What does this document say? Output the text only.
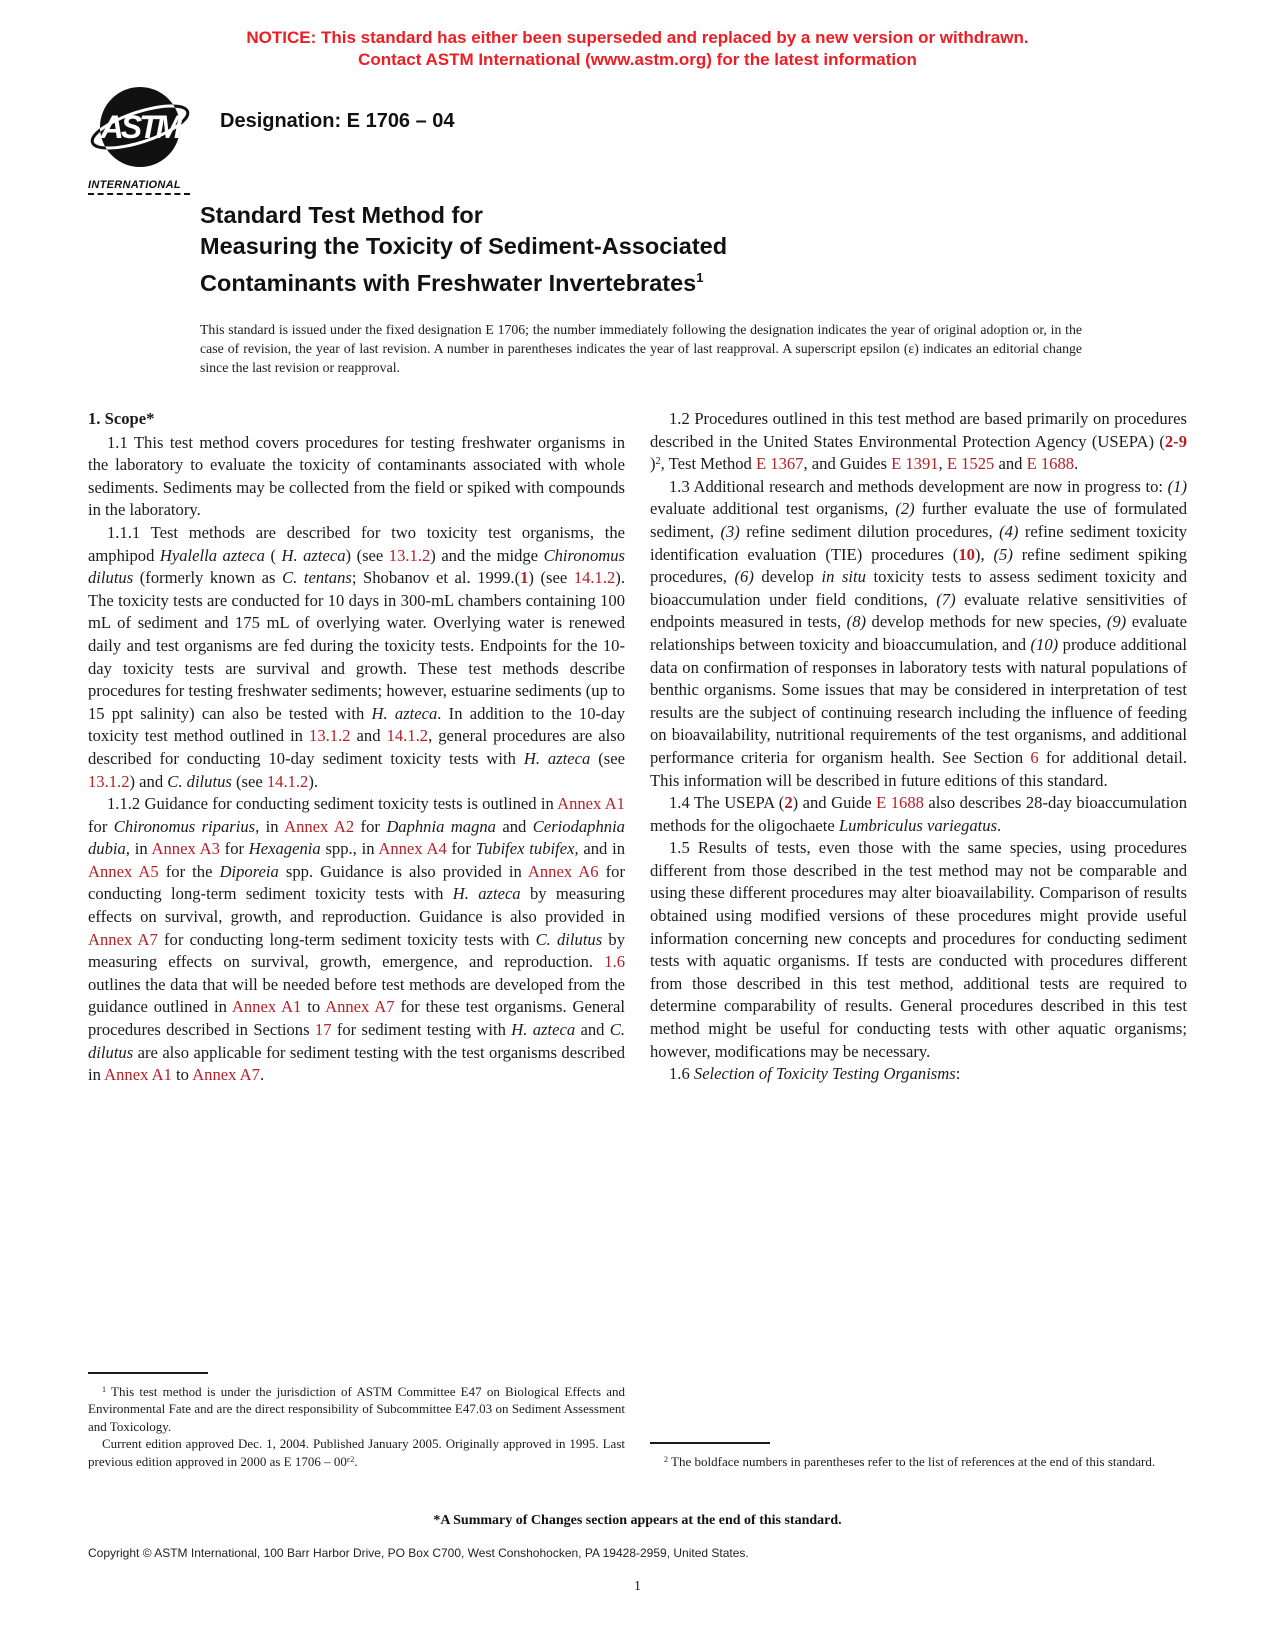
NOTICE: This standard has either been superseded and replaced by a new version or withdrawn.
Contact ASTM International (www.astm.org) for the latest information
ASTM
INTERNATIONAL
Designation: E 1706 – 04
Standard Test Method for
Measuring the Toxicity of Sediment-Associated
Contaminants with Freshwater Invertebrates$^1$
This standard is issued under the fixed designation E 1706; the number immediately following the designation indicates the year of original adoption or, in the case of revision, the year of last revision. A number in parentheses indicates the year of last reapproval. A superscript epsilon (ε) indicates an editorial change since the last revision or reapproval.

1. Scope*

1.1 This test method covers procedures for testing freshwater organisms in the laboratory to evaluate the toxicity of contaminants associated with whole sediments. Sediments may be collected from the field or spiked with compounds in the laboratory.

1.1.1 Test methods are described for two toxicity test organisms, the amphipod Hyalella azteca ( H. azteca) (see 13.1.2) and the midge Chironomus dilutus (formerly known as C. tentans; Shobanov et al. 1999.(1) (see 14.1.2). The toxicity tests are conducted for 10 days in 300-mL chambers containing 100 mL of sediment and 175 mL of overlying water. Overlying water is renewed daily and test organisms are fed during the toxicity tests. Endpoints for the 10-day toxicity tests are survival and growth. These test methods describe procedures for testing freshwater sediments; however, estuarine sediments (up to 15 ppt salinity) can also be tested with H. azteca. In addition to the 10-day toxicity test method outlined in 13.1.2 and 14.1.2, general procedures are also described for conducting 10-day sediment toxicity tests with H. azteca (see 13.1.2) and C. dilutus (see 14.1.2).

1.1.2 Guidance for conducting sediment toxicity tests is outlined in Annex A1 for Chironomus riparius, in Annex A2 for Daphnia magna and Ceriodaphnia dubia, in Annex A3 for Hexagenia spp., in Annex A4 for Tubifex tubifex, and in Annex A5 for the Diporeia spp. Guidance is also provided in Annex A6 for conducting long-term sediment toxicity tests with H. azteca by measuring effects on survival, growth, and reproduction. Guidance is also provided in Annex A7 for conducting long-term sediment toxicity tests with C. dilutus by measuring effects on survival, growth, emergence, and reproduction. 1.6 outlines the data that will be needed before test methods are developed from the guidance outlined in Annex A1 to Annex A7 for these test organisms. General procedures described in Sections 17 for sediment testing with H. azteca and C. dilutus are also applicable for sediment testing with the test organisms described in Annex A1 to Annex A7.

$^1$ This test method is under the jurisdiction of ASTM Committee E47 on Biological Effects and Environmental Fate and are the direct responsibility of Subcommittee E47.03 on Sediment Assessment and Toxicology.

Current edition approved Dec. 1, 2004. Published January 2005. Originally approved in 1995. Last previous edition approved in 2000 as E $1706 - 00^{\varepsilon 2}$.

1.2 Procedures outlined in this test method are based primarily on procedures described in the United States Environmental Protection Agency (USEPA) (2-9 )$^2$, Test Method E 1367, and Guides E 1391, E 1525 and E 1688.

1.3 Additional research and methods development are now in progress to: (1) evaluate additional test organisms, (2) further evaluate the use of formulated sediment, (3) refine sediment dilution procedures, (4) refine sediment toxicity identification evaluation (TIE) procedures (10), (5) refine sediment spiking procedures, (6) develop in situ toxicity tests to assess sediment toxicity and bioaccumulation under field conditions, (7) evaluate relative sensitivities of endpoints measured in tests, (8) develop methods for new species, (9) evaluate relationships between toxicity and bioaccumulation, and (10) produce additional data on confirmation of responses in laboratory tests with natural populations of benthic organisms. Some issues that may be considered in interpretation of test results are the subject of continuing research including the influence of feeding on bioavailability, nutritional requirements of the test organisms, and additional performance criteria for organism health. See Section 6 for additional detail. This information will be described in future editions of this standard.

1.4 The USEPA (2) and Guide E 1688 also describes 28-day bioaccumulation methods for the oligochaete Lumbriculus variegatus.

1.5 Results of tests, even those with the same species, using procedures different from those described in the test method may not be comparable and using these different procedures may alter bioavailability. Comparison of results obtained using modified versions of these procedures might provide useful information concerning new concepts and procedures for conducting sediment tests with aquatic organisms. If tests are conducted with procedures different from those described in this test method, additional tests are required to determine comparability of results. General procedures described in this test method might be useful for conducting tests with other aquatic organisms; however, modifications may be necessary.

1.6 Selection of Toxicity Testing Organisms:

$^2$ The boldface numbers in parentheses refer to the list of references at the end of this standard.

*A Summary of Changes section appears at the end of this standard.
Copyright © ASTM International, 100 Barr Harbor Drive, PO Box C700, West Conshohocken, PA 19428-2959, United States.
1
